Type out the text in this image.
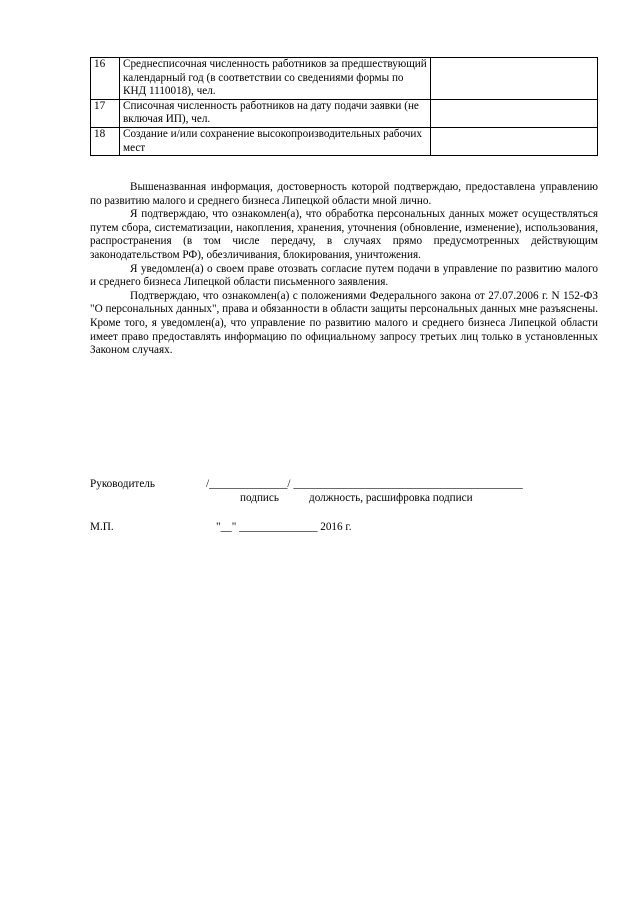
16	Среднесписочная численность работников за предшествующий календарный год (в соответствии со сведениями формы по КНД 1110018), чел.	
17	Списочная численность работников на дату подачи заявки (не включая ИП), чел.	
18	Создание и/или сохранение высокопроизводительных рабочих мест	

Вышеназванная информация, достоверность которой подтверждаю, предоставлена управлению по развитию малого и среднего бизнеса Липецкой области мной лично.

Я подтверждаю, что ознакомлен(а), что обработка персональных данных может осуществляться путем сбора, систематизации, накопления, хранения, уточнения (обновление, изменение), использования, распространения (в том числе передачу, в случаях прямо предусмотренных действующим законодательством РФ), обезличивания, блокирования, уничтожения.

Я уведомлен(а) о своем праве отозвать согласие путем подачи в управление по развитию малого и среднего бизнеса Липецкой области письменного заявления.

Подтверждаю, что ознакомлен(а) с положениями Федерального закона от 27.07.2006 г. N 152-ФЗ "О персональных данных", права и обязанности в области защиты персональных данных мне разъяснены. Кроме того, я уведомлен(а), что управление по развитию малого и среднего бизнеса Липецкой области имеет право предоставлять информацию по официальному запросу третьих лиц только в установленных Законом случаях.

Руководитель	/______________/ _________________________________________
подпись	должность, расшифровка подписи
М.П.	"__" ______________ 2016 г.
